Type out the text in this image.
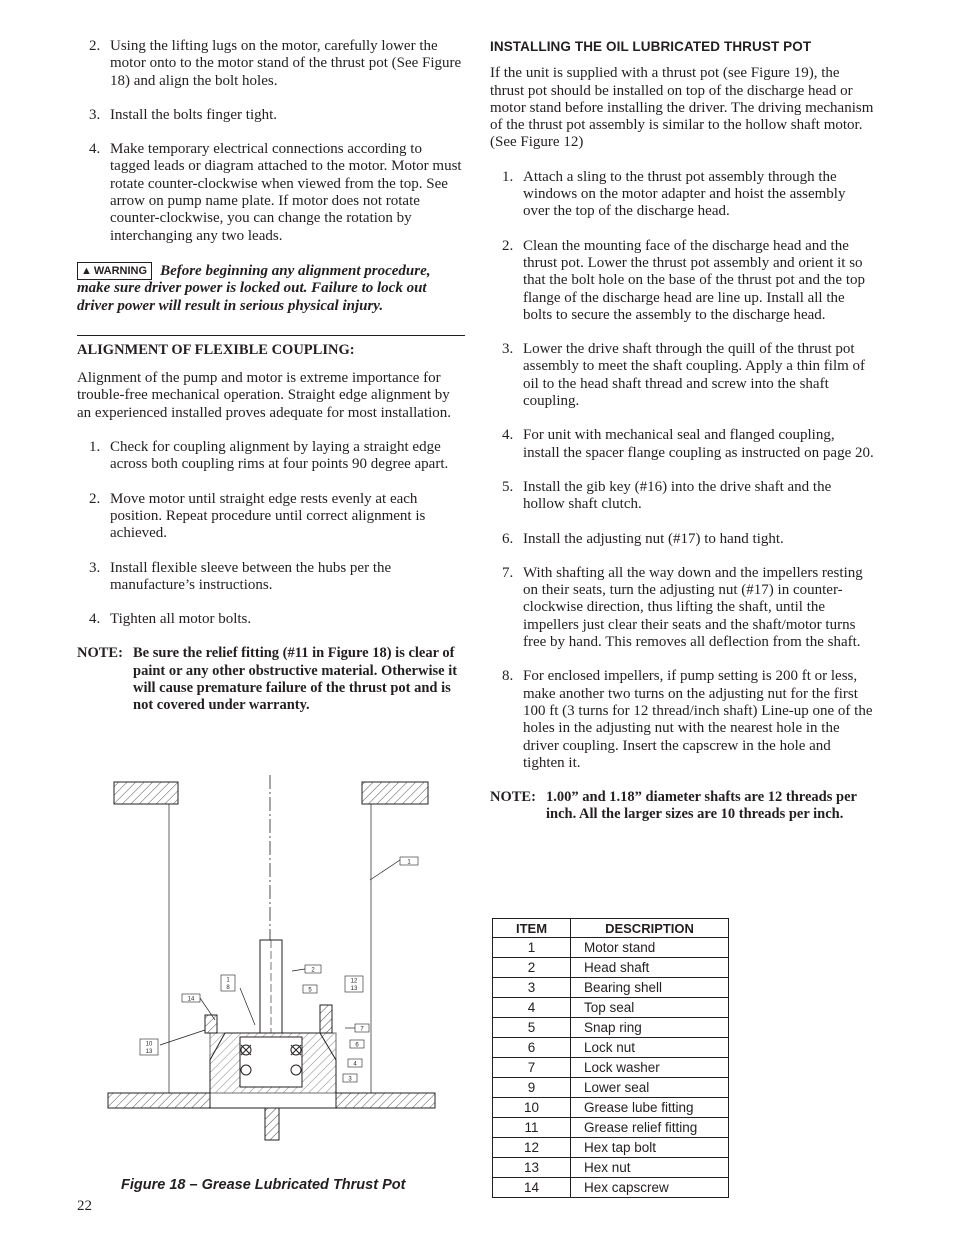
2. Using the lifting lugs on the motor, carefully lower the motor onto to the motor stand of the thrust pot (See Figure 18) and align the bolt holes.
3. Install the bolts finger tight.
4. Make temporary electrical connections according to tagged leads or diagram attached to the motor. Motor must rotate counter-clockwise when viewed from the top. See arrow on pump name plate. If motor does not rotate counter-clockwise, you can change the rotation by interchanging any two leads.
▲ WARNING Before beginning any alignment procedure, make sure driver power is locked out. Failure to lock out driver power will result in serious physical injury.
ALIGNMENT OF FLEXIBLE COUPLING:

Alignment of the pump and motor is extreme importance for trouble-free mechanical operation. Straight edge alignment by an experienced installed proves adequate for most installation.

1. Check for coupling alignment by laying a straight edge across both coupling rims at four points 90 degree apart.
2. Move motor until straight edge rests evenly at each position. Repeat procedure until correct alignment is achieved.
3. Install flexible sleeve between the hubs per the manufacture’s instructions.
4. Tighten all motor bolts.
NOTE: Be sure the relief fitting (#11 in Figure 18) is clear of paint or any other obstructive material. Otherwise it will cause premature failure of the thrust pot and is not covered under warranty.
1
2
5
1
8
14
12
13
10
13
7
6
4
3
Figure 18 – Grease Lubricated Thrust Pot
22
INSTALLING THE OIL LUBRICATED THRUST POT

If the unit is supplied with a thrust pot (see Figure 19), the thrust pot should be installed on top of the discharge head or motor stand before installing the driver. The driving mechanism of the thrust pot assembly is similar to the hollow shaft motor. (See Figure 12)

1. Attach a sling to the thrust pot assembly through the windows on the motor adapter and hoist the assembly over the top of the discharge head.
2. Clean the mounting face of the discharge head and the thrust pot. Lower the thrust pot assembly and orient it so that the bolt hole on the base of the thrust pot and the top flange of the discharge head are line up. Install all the bolts to secure the assembly to the discharge head.
3. Lower the drive shaft through the quill of the thrust pot assembly to meet the shaft coupling. Apply a thin film of oil to the head shaft thread and screw into the shaft coupling.
4. For unit with mechanical seal and flanged coupling, install the spacer flange coupling as instructed on page 20.
5. Install the gib key (#16) into the drive shaft and the hollow shaft clutch.
6. Install the adjusting nut (#17) to hand tight.
7. With shafting all the way down and the impellers resting on their seats, turn the adjusting nut (#17) in counter-clockwise direction, thus lifting the shaft, until the impellers just clear their seats and the shaft/motor turns free by hand. This removes all deflection from the shaft.
8. For enclosed impellers, if pump setting is 200 ft or less, make another two turns on the adjusting nut for the first 100 ft (3 turns for 12 thread/inch shaft) Line-up one of the holes in the adjusting nut with the nearest hole in the driver coupling. Insert the capscrew in the hole and tighten it.
NOTE: 1.00” and 1.18” diameter shafts are 12 threads per inch. All the larger sizes are 10 threads per inch.
ITEM	DESCRIPTION
1	Motor stand
2	Head shaft
3	Bearing shell
4	Top seal
5	Snap ring
6	Lock nut
7	Lock washer
9	Lower seal
10	Grease lube fitting
11	Grease relief fitting
12	Hex tap bolt
13	Hex nut
14	Hex capscrew
